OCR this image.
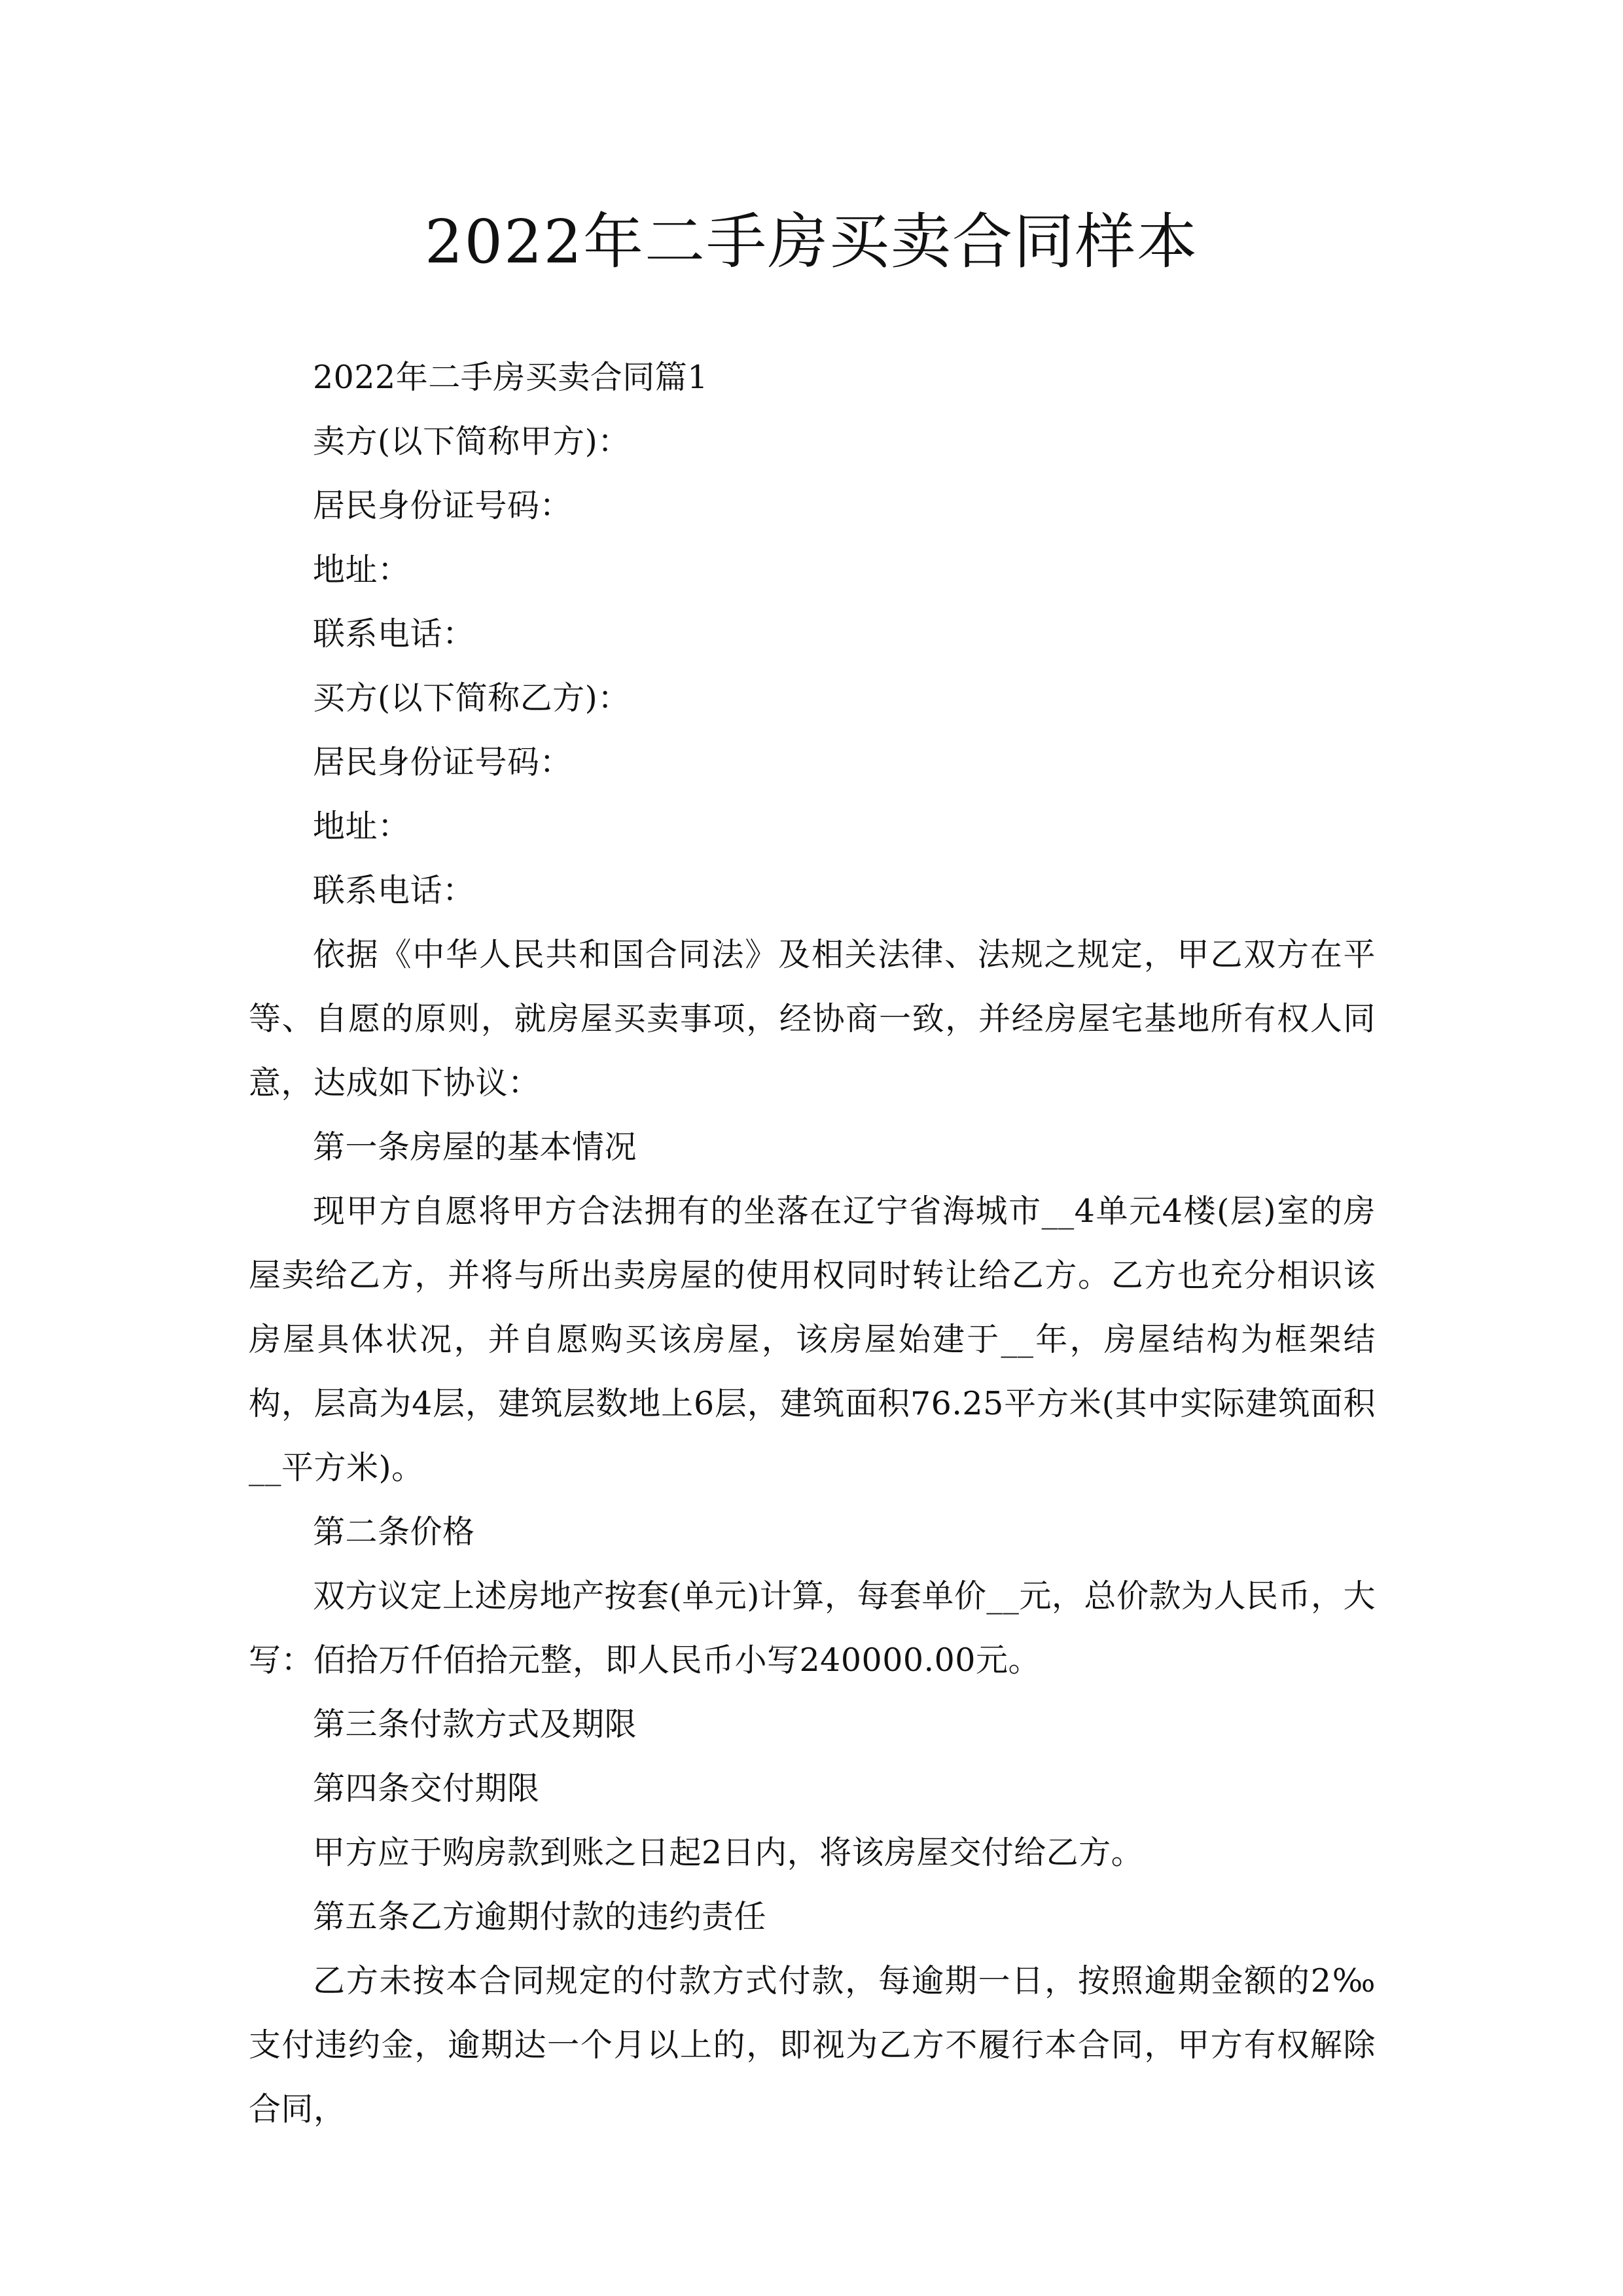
2022年二手房买卖合同样本

2022年二手房买卖合同篇1

卖方(以下简称甲方)：

居民身份证号码：

地址：

联系电话：

买方(以下简称乙方)：

居民身份证号码：

地址：

联系电话：

依据《中华人民共和国合同法》及相关法律、法规之规定，甲乙双方在平等、自愿的原则，就房屋买卖事项，经协商一致，并经房屋宅基地所有权人同意，达成如下协议：

第一条房屋的基本情况

现甲方自愿将甲方合法拥有的坐落在辽宁省海城市__4单元4楼(层)室的房屋卖给乙方，并将与所出卖房屋的使用权同时转让给乙方。乙方也充分相识该房屋具体状况，并自愿购买该房屋，该房屋始建于__年，房屋结构为框架结构，层高为4层，建筑层数地上6层，建筑面积76.25平方米(其中实际建筑面积__平方米)。

第二条价格

双方议定上述房地产按套(单元)计算，每套单价__元，总价款为人民币，大写：佰拾万仟佰拾元整，即人民币小写240000.00元。

第三条付款方式及期限

第四条交付期限

甲方应于购房款到账之日起2日内，将该房屋交付给乙方。

第五条乙方逾期付款的违约责任

乙方未按本合同规定的付款方式付款，每逾期一日，按照逾期金额的2‰支付违约金，逾期达一个月以上的，即视为乙方不履行本合同，甲方有权解除合同，
